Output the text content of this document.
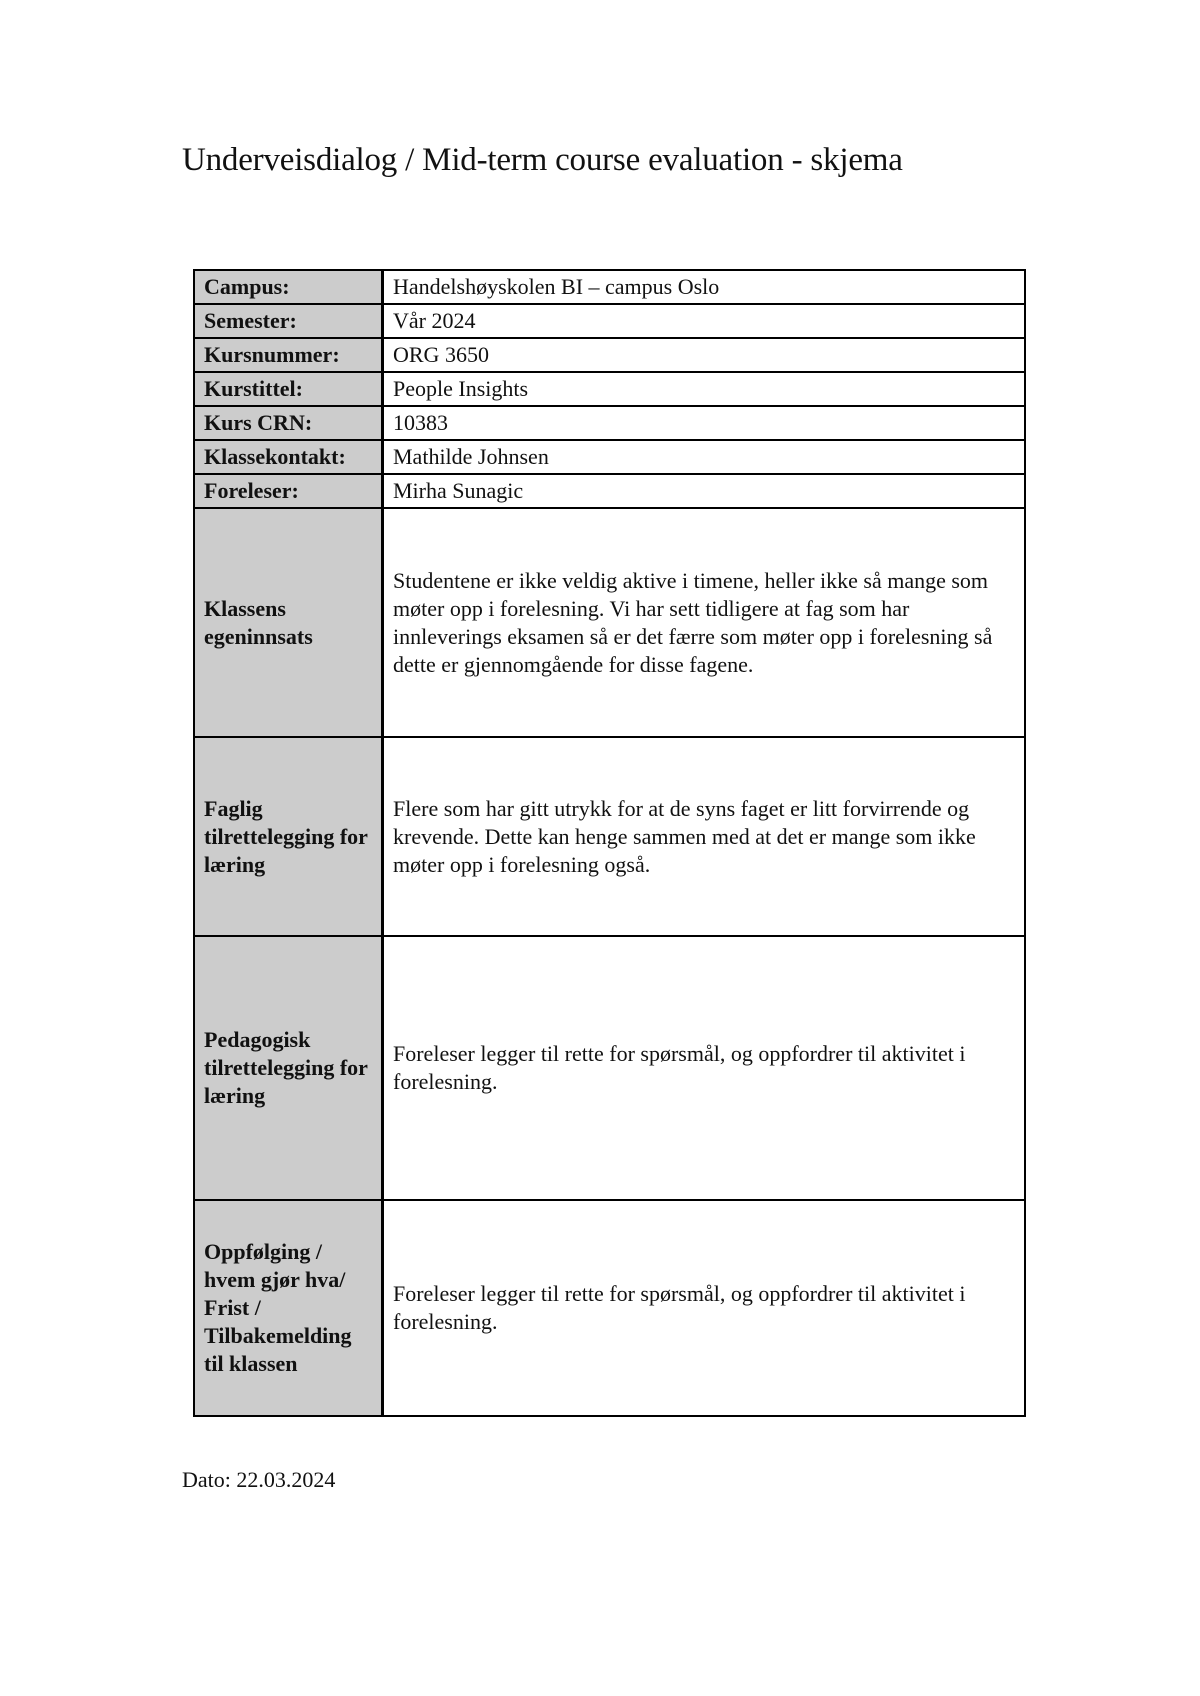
Underveisdialog / Mid-term course evaluation - skjema
Campus:	Handelshøyskolen BI – campus Oslo
Semester:	Vår 2024
Kursnummer:	ORG 3650
Kurstittel:	People Insights
Kurs CRN:	10383
Klassekontakt:	Mathilde Johnsen
Foreleser:	Mirha Sunagic
Klassens egeninnsats	Studentene er ikke veldig aktive i timene, heller ikke så mange som møter opp i forelesning. Vi har sett tidligere at fag som har innleverings eksamen så er det færre som møter opp i forelesning så dette er gjennomgående for disse fagene.
Faglig tilrettelegging for læring	Flere som har gitt utrykk for at de syns faget er litt forvirrende og krevende. Dette kan henge sammen med at det er mange som ikke møter opp i forelesning også.
Pedagogisk tilrettelegging for læring	Foreleser legger til rette for spørsmål, og oppfordrer til aktivitet i forelesning.
Oppfølging / hvem gjør hva/ Frist / Tilbakemelding til klassen	Foreleser legger til rette for spørsmål, og oppfordrer til aktivitet i forelesning.
Dato: 22.03.2024
